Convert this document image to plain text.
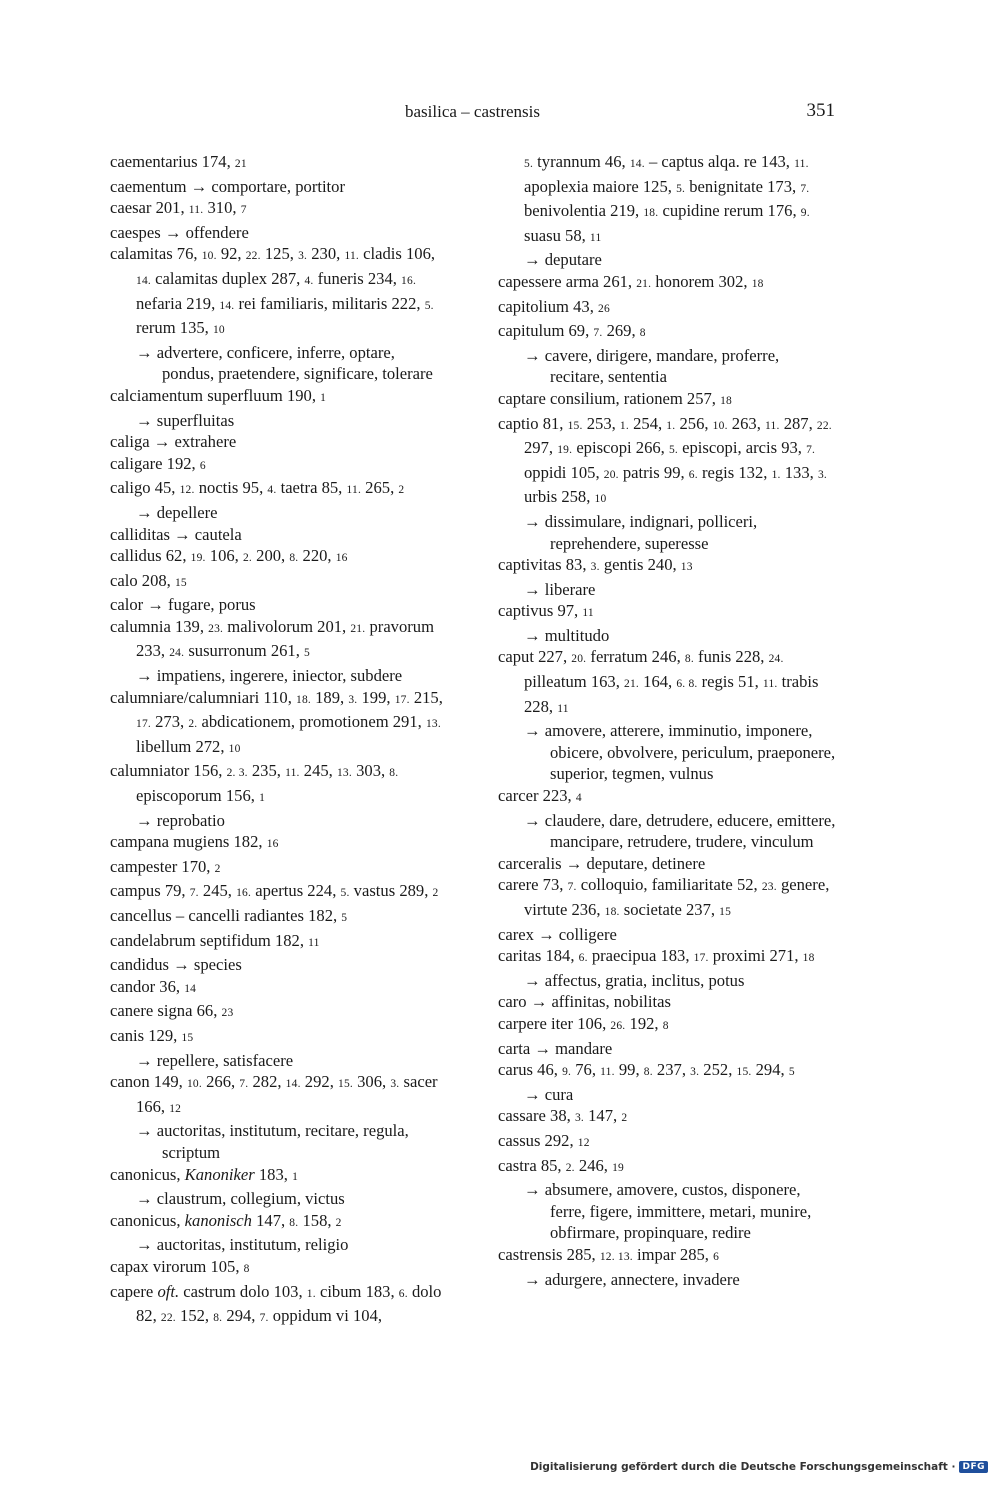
basilica – castrensis	351
caementarius 174, 21
caementum → comportare, portitor
caesar 201, 11. 310, 7
caespes → offendere
calamitas 76, 10. 92, 22. 125, 3. 230, 11. cladis 106, 14. calamitas duplex 287, 4. funeris 234, 16. nefaria 219, 14. rei familiaris, militaris 222, 5. rerum 135, 10
→ advertere, conficere, inferre, optare, pondus, praetendere, significare, tolerare
calciamentum superfluum 190, 1
→ superfluitas
caliga → extrahere
caligare 192, 6
caligo 45, 12. noctis 95, 4. taetra 85, 11. 265, 2
→ depellere
calliditas → cautela
callidus 62, 19. 106, 2. 200, 8. 220, 16
calo 208, 15
calor → fugare, porus
calumnia 139, 23. malivolorum 201, 21. pravorum 233, 24. susurronum 261, 5
→ impatiens, ingerere, iniector, subdere
calumniare/calumniari 110, 18. 189, 3. 199, 17. 215, 17. 273, 2. abdicationem, promotionem 291, 13. libellum 272, 10
calumniator 156, 2. 3. 235, 11. 245, 13. 303, 8. episcoporum 156, 1
→ reprobatio
campana mugiens 182, 16
campester 170, 2
campus 79, 7. 245, 16. apertus 224, 5. vastus 289, 2
cancellus – cancelli radiantes 182, 5
candelabrum septifidum 182, 11
candidus → species
candor 36, 14
canere signa 66, 23
canis 129, 15
→ repellere, satisfacere
canon 149, 10. 266, 7. 282, 14. 292, 15. 306, 3. sacer 166, 12
→ auctoritas, institutum, recitare, regula, scriptum
canonicus, Kanoniker 183, 1
→ claustrum, collegium, victus
canonicus, kanonisch 147, 8. 158, 2
→ auctoritas, institutum, religio
capax virorum 105, 8
capere oft. castrum dolo 103, 1. cibum 183, 6. dolo 82, 22. 152, 8. 294, 7. oppidum vi 104,
5. tyrannum 46, 14. – captus alqa. re 143, 11. apoplexia maiore 125, 5. benignitate 173, 7. benivolentia 219, 18. cupidine rerum 176, 9. suasu 58, 11
→ deputare
capessere arma 261, 21. honorem 302, 18
capitolium 43, 26
capitulum 69, 7. 269, 8
→ cavere, dirigere, mandare, proferre, recitare, sententia
captare consilium, rationem 257, 18
captio 81, 15. 253, 1. 254, 1. 256, 10. 263, 11. 287, 22. 297, 19. episcopi 266, 5. episcopi, arcis 93, 7. oppidi 105, 20. patris 99, 6. regis 132, 1. 133, 3. urbis 258, 10
→ dissimulare, indignari, polliceri, reprehendere, superesse
captivitas 83, 3. gentis 240, 13
→ liberare
captivus 97, 11
→ multitudo
caput 227, 20. ferratum 246, 8. funis 228, 24. pilleatum 163, 21. 164, 6. 8. regis 51, 11. trabis 228, 11
→ amovere, atterere, imminutio, imponere, obicere, obvolvere, periculum, praeponere, superior, tegmen, vulnus
carcer 223, 4
→ claudere, dare, detrudere, educere, emittere, mancipare, retrudere, trudere, vinculum
carceralis → deputare, detinere
carere 73, 7. colloquio, familiaritate 52, 23. genere, virtute 236, 18. societate 237, 15
carex → colligere
caritas 184, 6. praecipua 183, 17. proximi 271, 18
→ affectus, gratia, inclitus, potus
caro → affinitas, nobilitas
carpere iter 106, 26. 192, 8
carta → mandare
carus 46, 9. 76, 11. 99, 8. 237, 3. 252, 15. 294, 5
→ cura
cassare 38, 3. 147, 2
cassus 292, 12
castra 85, 2. 246, 19
→ absumere, amovere, custos, disponere, ferre, figere, immittere, metari, munire, obfirmare, propinquare, redire
castrensis 285, 12. 13. impar 285, 6
→ adurgere, annectere, invadere
Digitalisierung gefördert durch die Deutsche Forschungsgemeinschaft · DFG
